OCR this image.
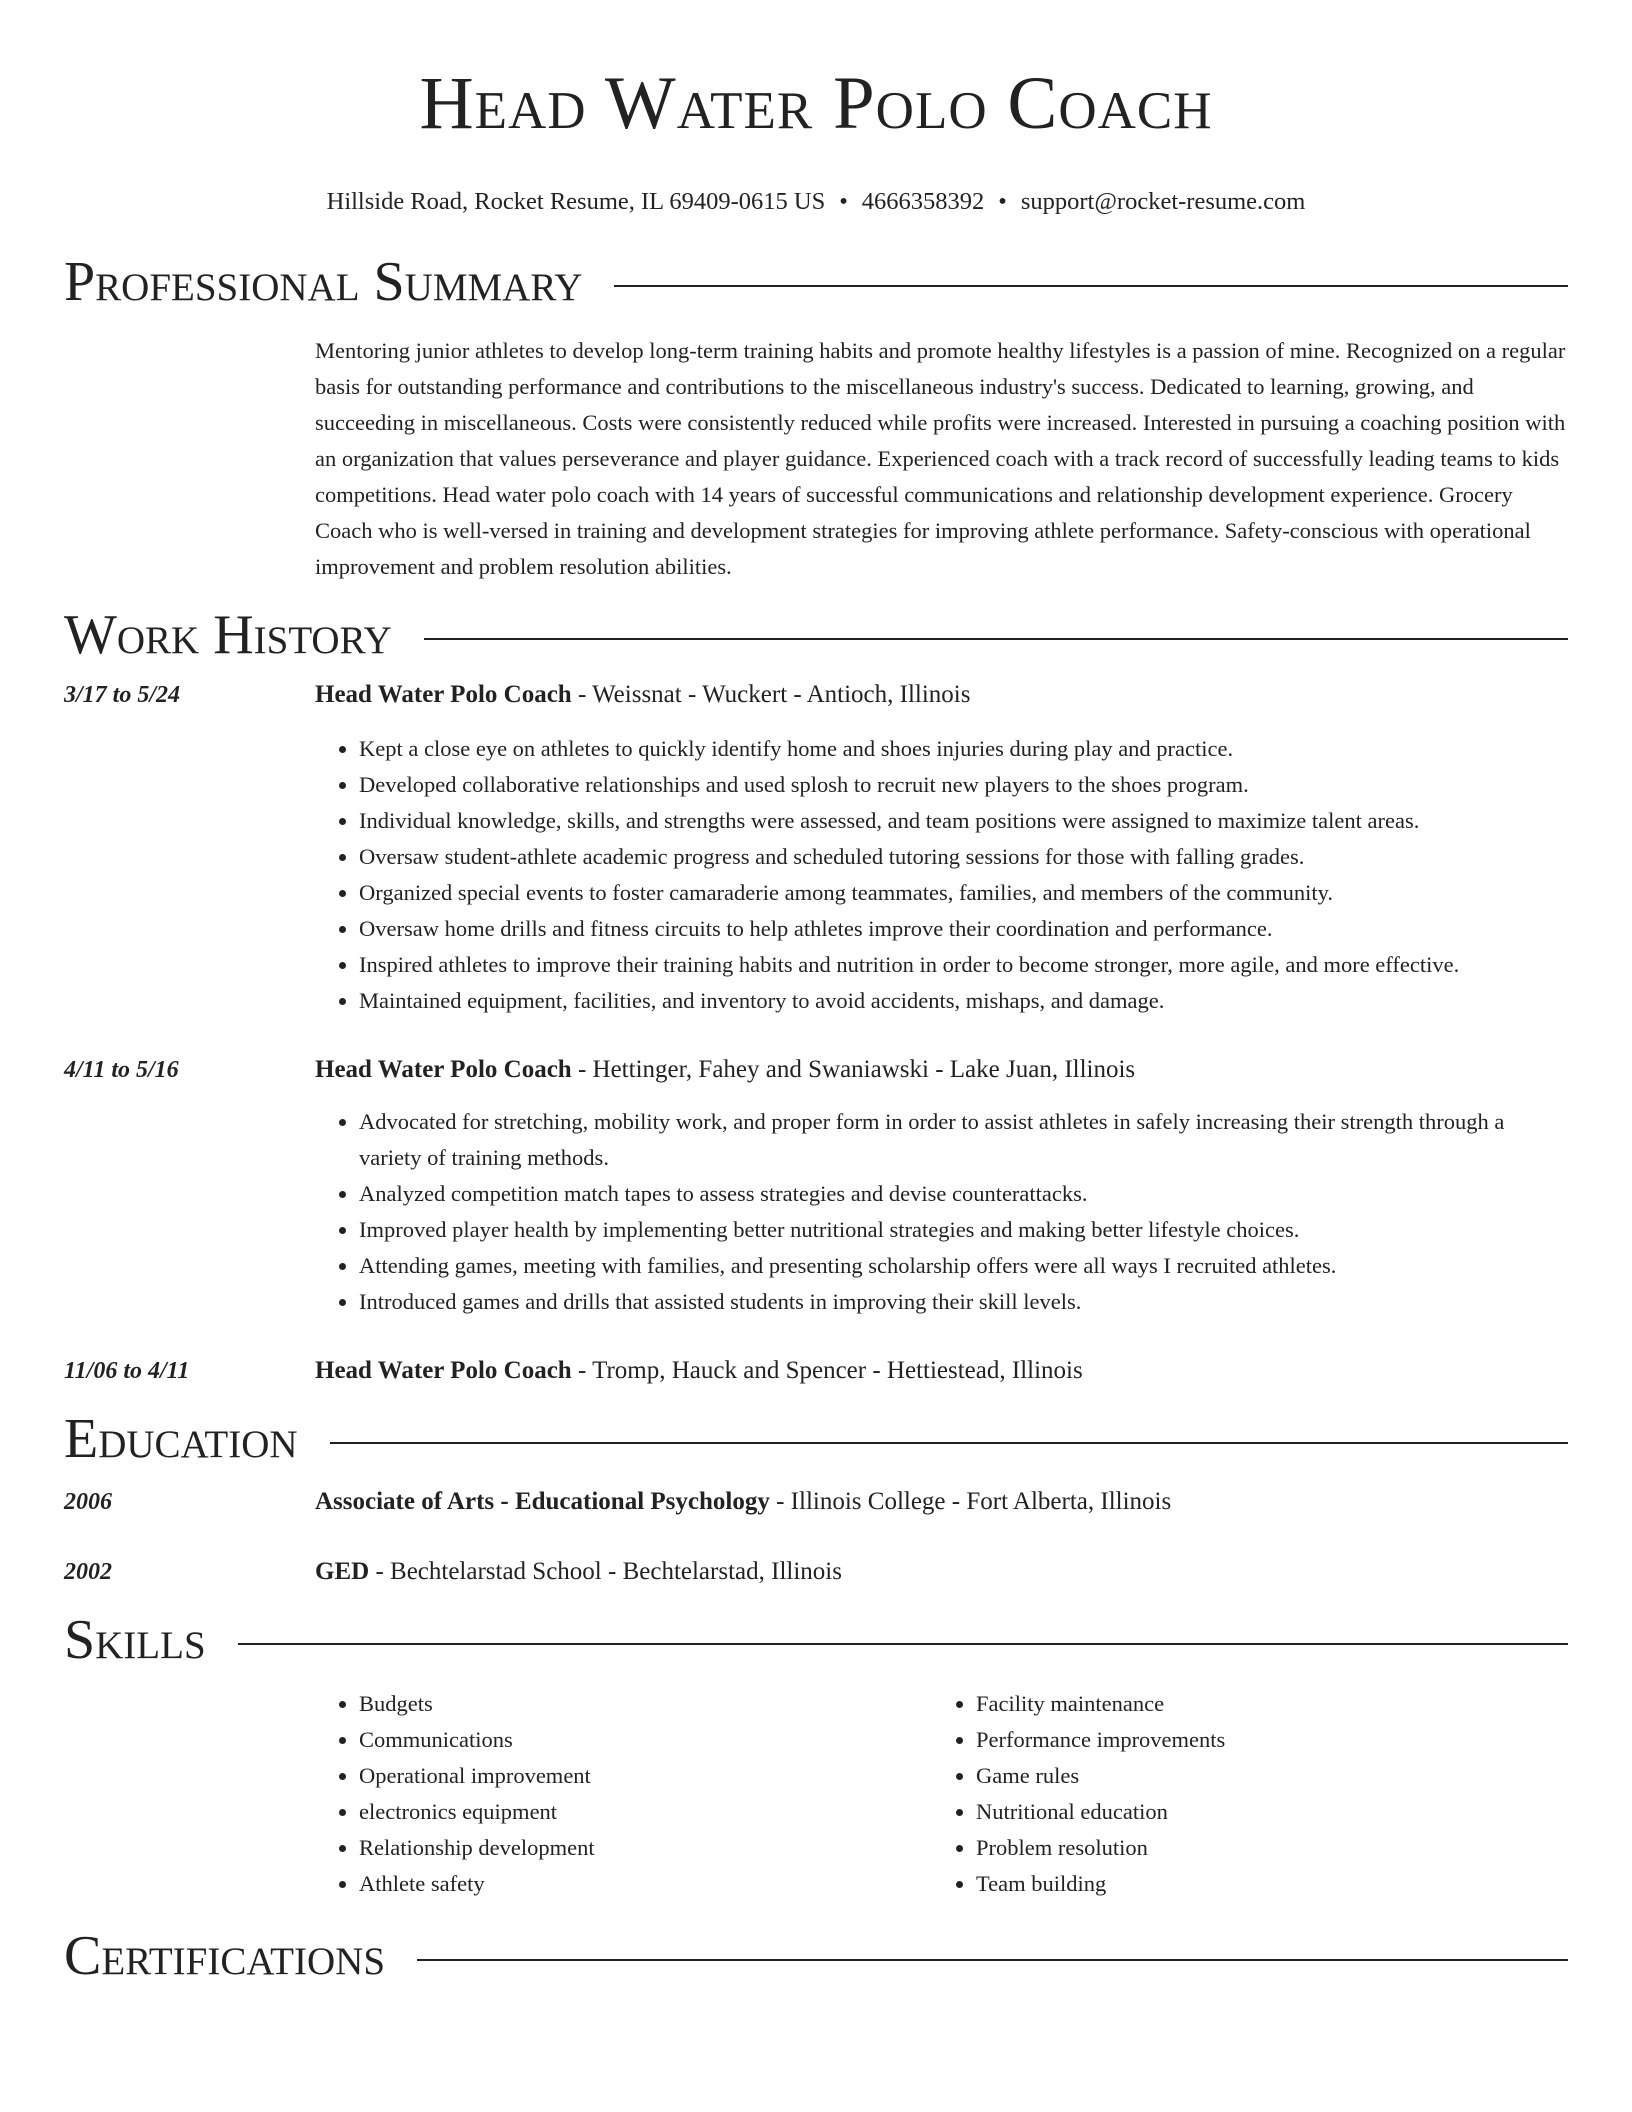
Head Water Polo Coach
Hillside Road, Rocket Resume, IL 69409-0615 US • 4666358392 • support@rocket-resume.com
Professional Summary
Mentoring junior athletes to develop long-term training habits and promote healthy lifestyles is a passion of mine. Recognized on a regular basis for outstanding performance and contributions to the miscellaneous industry's success. Dedicated to learning, growing, and succeeding in miscellaneous. Costs were consistently reduced while profits were increased. Interested in pursuing a coaching position with an organization that values perseverance and player guidance. Experienced coach with a track record of successfully leading teams to kids competitions. Head water polo coach with 14 years of successful communications and relationship development experience. Grocery Coach who is well-versed in training and development strategies for improving athlete performance. Safety-conscious with operational improvement and problem resolution abilities.
Work History
3/17 to 5/24	Head Water Polo Coach - Weissnat - Wuckert - Antioch, Illinois
• Kept a close eye on athletes to quickly identify home and shoes injuries during play and practice.
• Developed collaborative relationships and used splosh to recruit new players to the shoes program.
• Individual knowledge, skills, and strengths were assessed, and team positions were assigned to maximize talent areas.
• Oversaw student-athlete academic progress and scheduled tutoring sessions for those with falling grades.
• Organized special events to foster camaraderie among teammates, families, and members of the community.
• Oversaw home drills and fitness circuits to help athletes improve their coordination and performance.
• Inspired athletes to improve their training habits and nutrition in order to become stronger, more agile, and more effective.
• Maintained equipment, facilities, and inventory to avoid accidents, mishaps, and damage.
4/11 to 5/16	Head Water Polo Coach - Hettinger, Fahey and Swaniawski - Lake Juan, Illinois
• Advocated for stretching, mobility work, and proper form in order to assist athletes in safely increasing their strength through a variety of training methods.
• Analyzed competition match tapes to assess strategies and devise counterattacks.
• Improved player health by implementing better nutritional strategies and making better lifestyle choices.
• Attending games, meeting with families, and presenting scholarship offers were all ways I recruited athletes.
• Introduced games and drills that assisted students in improving their skill levels.
11/06 to 4/11	Head Water Polo Coach - Tromp, Hauck and Spencer - Hettiestead, Illinois
Education
2006	Associate of Arts - Educational Psychology - Illinois College - Fort Alberta, Illinois
2002	GED - Bechtelarstad School - Bechtelarstad, Illinois
Skills
• Budgets
• Communications
• Operational improvement
• electronics equipment
• Relationship development
• Athlete safety
• Facility maintenance
• Performance improvements
• Game rules
• Nutritional education
• Problem resolution
• Team building
Certifications
